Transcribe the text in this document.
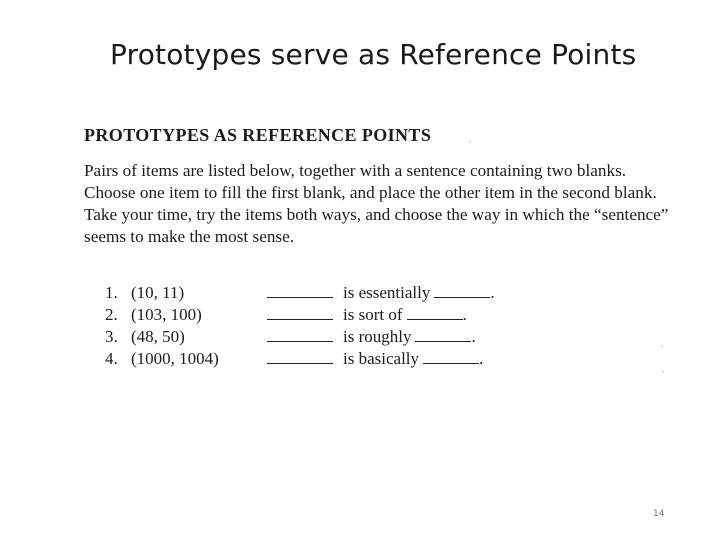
Prototypes serve as Reference Points
PROTOTYPES AS REFERENCE POINTS

Pairs of items are listed below, together with a sentence containing two blanks. Choose one item to fill the first blank, and place the other item in the second blank. Take your time, try the items both ways, and choose the way in which the “sentence” seems to make the most sense.

1. (10, 11)	is essentially	.
2. (103, 100)	is sort of	.
3. (48, 50)	is roughly	.
4. (1000, 1004)	is basically	.
14
